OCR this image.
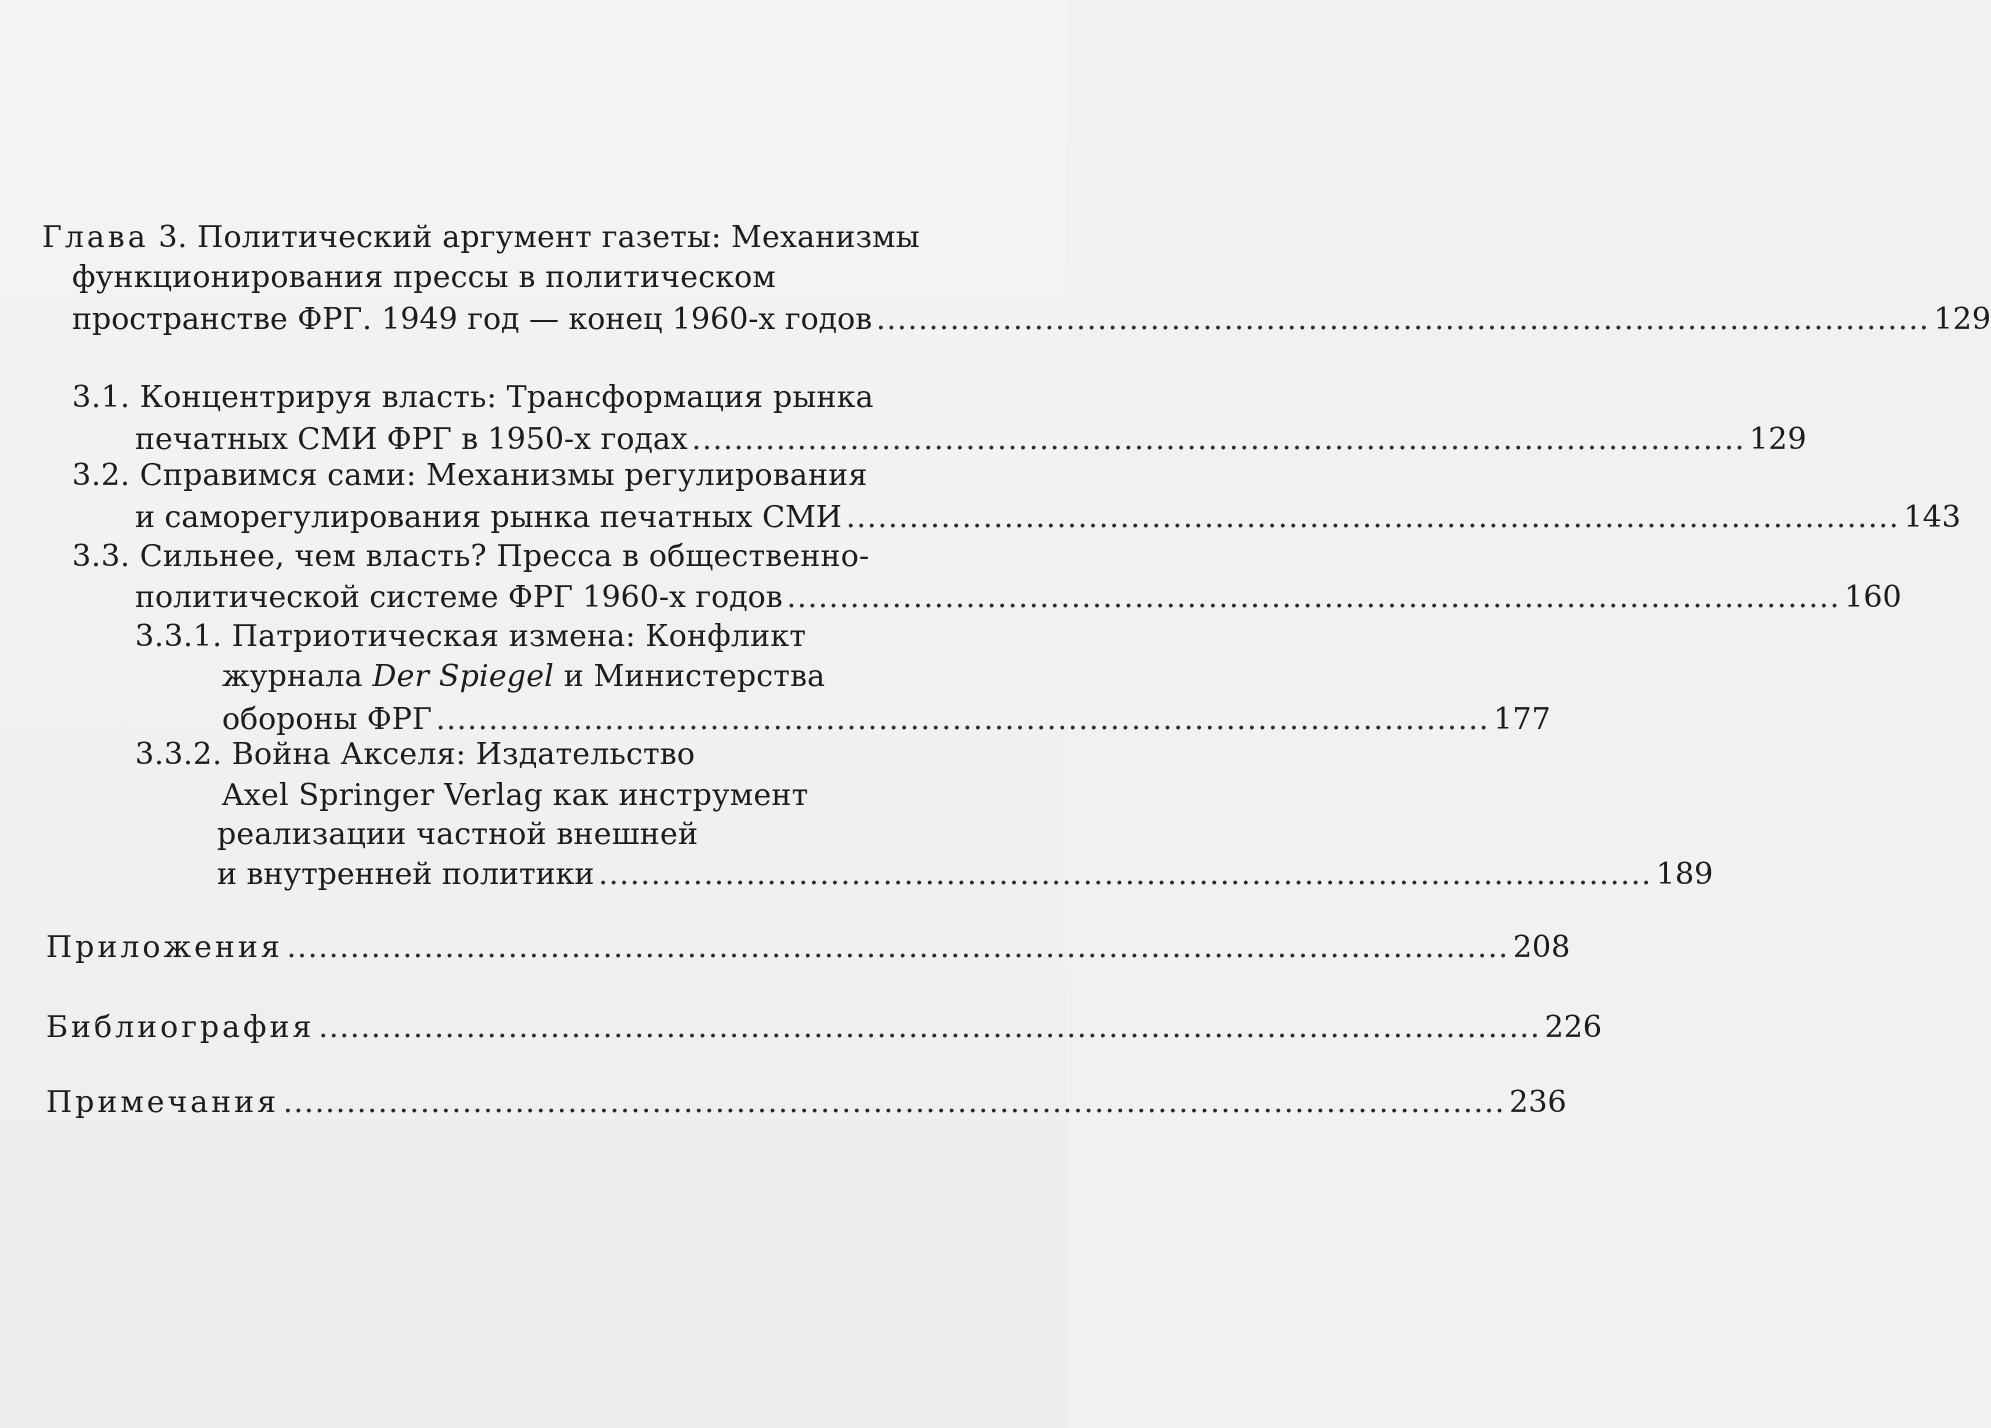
Глава 3. Политический аргумент газеты: Механизмы
функционирования прессы в политическом
пространстве ФРГ. 1949 год — конец 1960-х годов .................................................................................................... 129
3.1. Концентрируя власть: Трансформация рынка
печатных СМИ ФРГ в 1950-х годах .................................................................................................... 129
3.2. Справимся сами: Механизмы регулирования
и саморегулирования рынка печатных СМИ .................................................................................................... 143
3.3. Сильнее, чем власть? Пресса в общественно-
политической системе ФРГ 1960-х годов .................................................................................................... 160
3.3.1. Патриотическая измена: Конфликт
журнала Der Spiegel и Министерства
обороны ФРГ .................................................................................................... 177
3.3.2. Война Акселя: Издательство
Axel Springer Verlag как инструмент
реализации частной внешней
и внутренней политики .................................................................................................... 189
Приложения .................................................................................................................... 208
Библиография .................................................................................................................... 226
Примечания .................................................................................................................... 236
